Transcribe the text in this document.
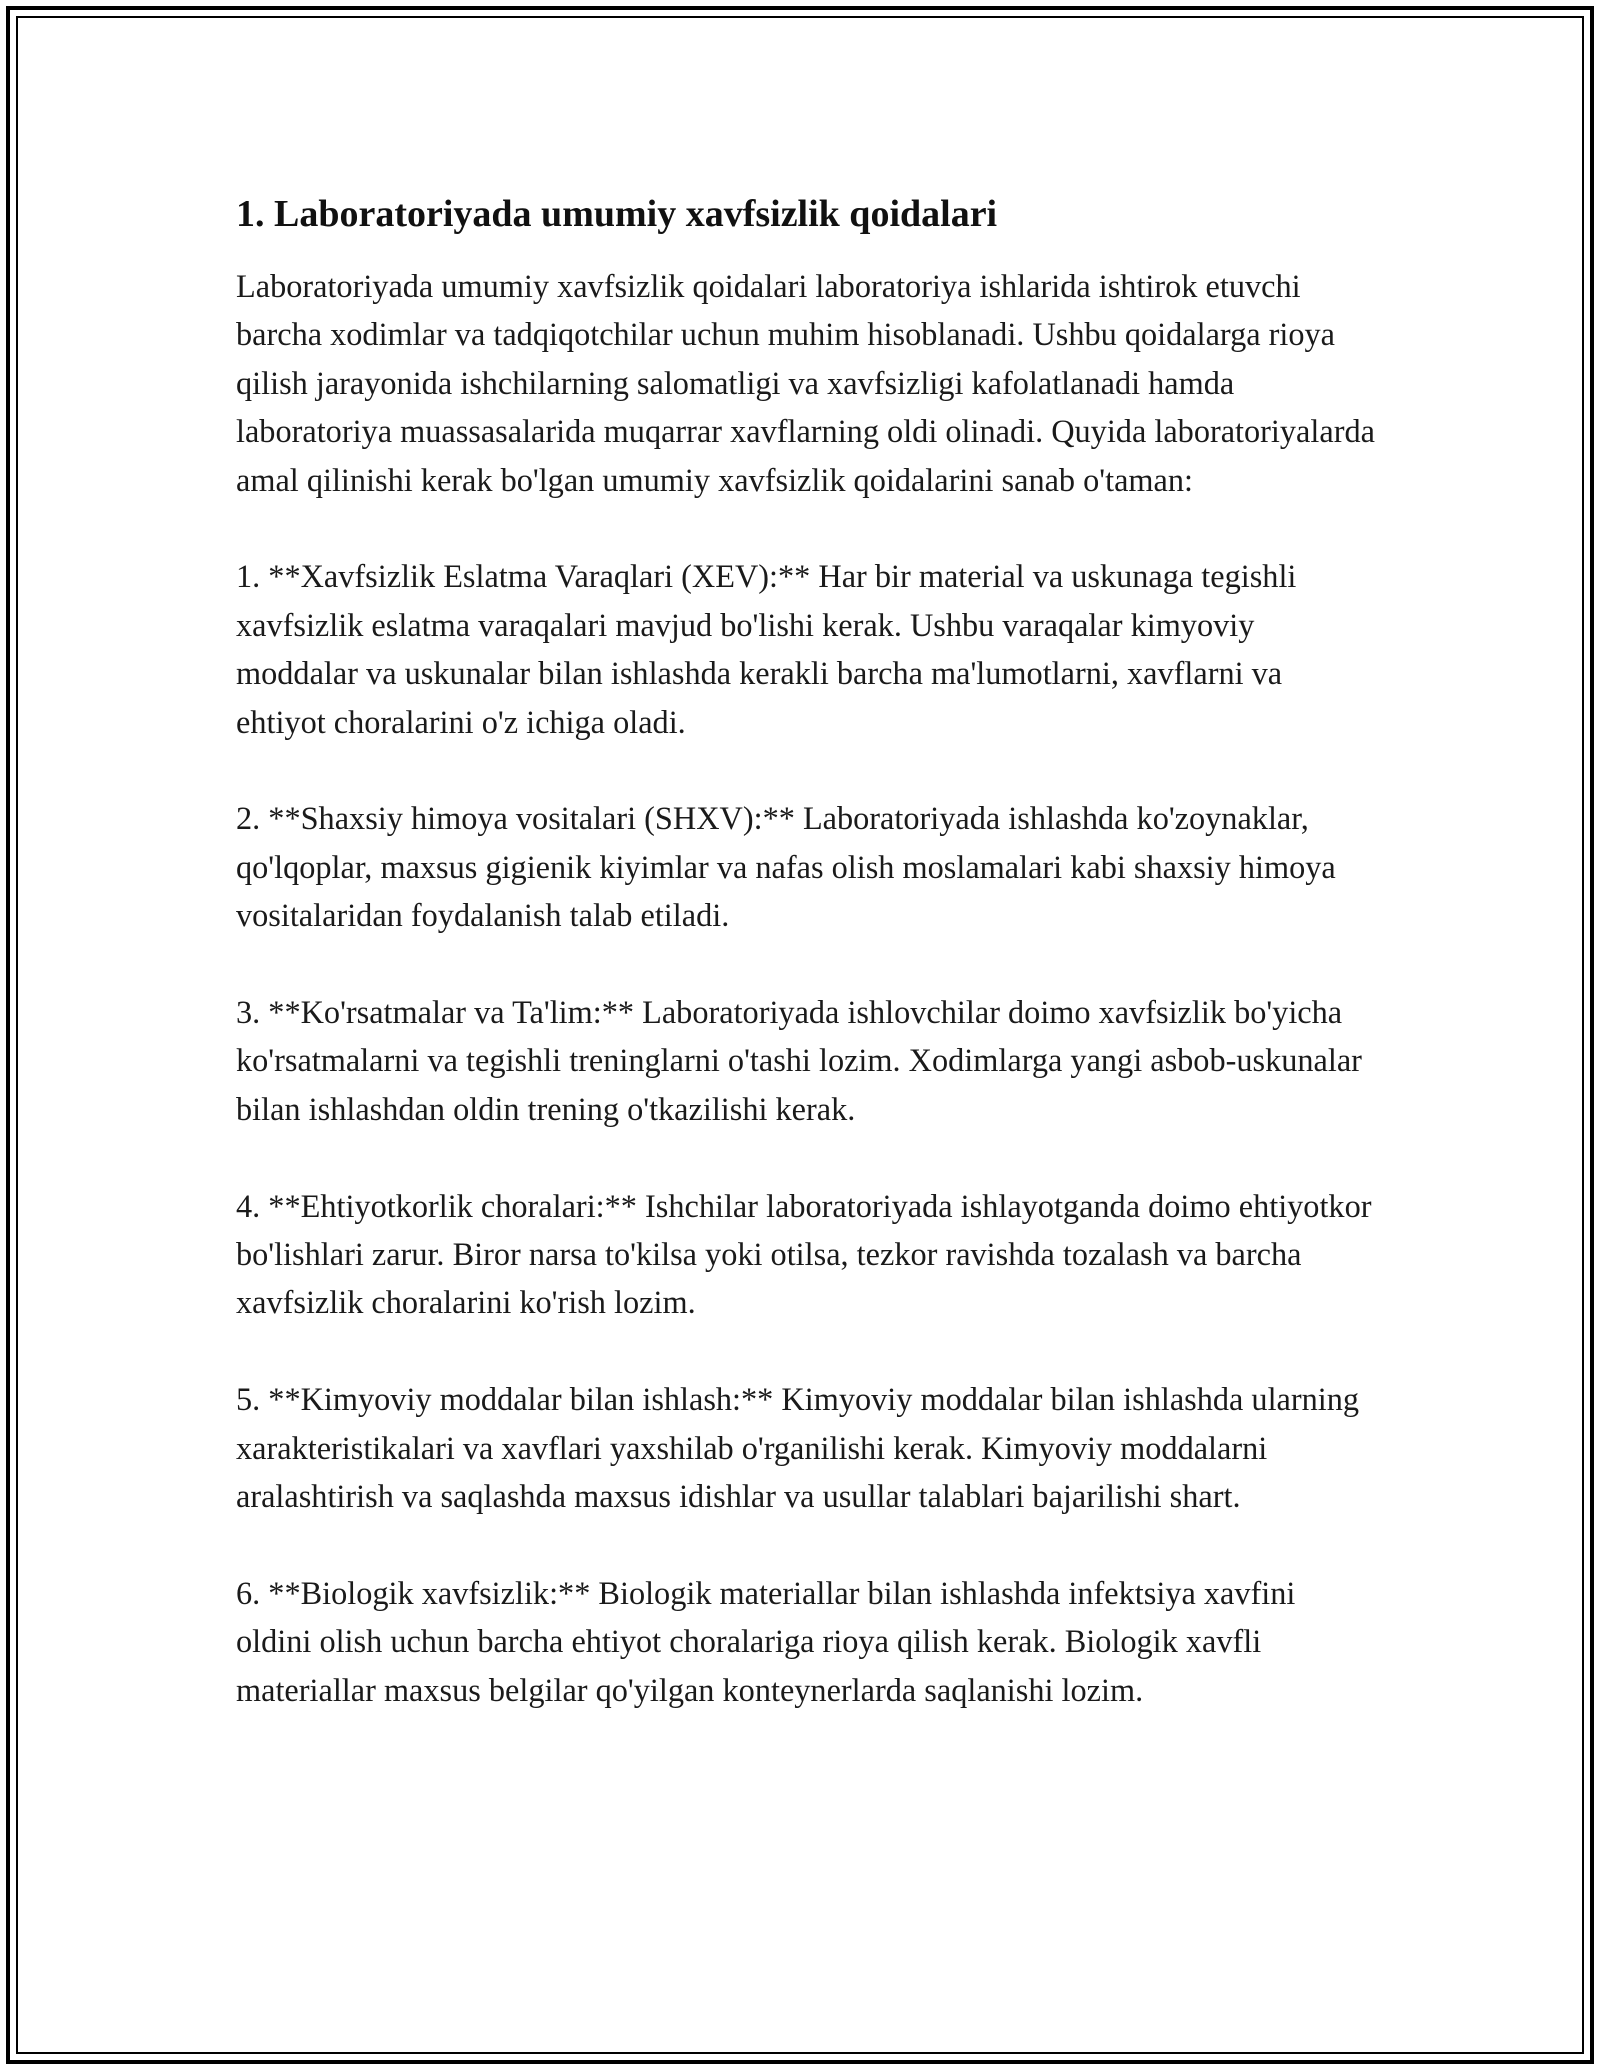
1. Laboratoriyada umumiy xavfsizlik qoidalari

Laboratoriyada umumiy xavfsizlik qoidalari laboratoriya ishlarida ishtirok etuvchi barcha xodimlar va tadqiqotchilar uchun muhim hisoblanadi. Ushbu qoidalarga rioya qilish jarayonida ishchilarning salomatligi va xavfsizligi kafolatlanadi hamda laboratoriya muassasalarida muqarrar xavflarning oldi olinadi. Quyida laboratoriyalarda amal qilinishi kerak bo'lgan umumiy xavfsizlik qoidalarini sanab o'taman:

1. **Xavfsizlik Eslatma Varaqlari (XEV):** Har bir material va uskunaga tegishli xavfsizlik eslatma varaqalari mavjud bo'lishi kerak. Ushbu varaqalar kimyoviy moddalar va uskunalar bilan ishlashda kerakli barcha ma'lumotlarni, xavflarni va ehtiyot choralarini o'z ichiga oladi.

2. **Shaxsiy himoya vositalari (SHXV):** Laboratoriyada ishlashda ko'zoynaklar, qo'lqoplar, maxsus gigienik kiyimlar va nafas olish moslamalari kabi shaxsiy himoya vositalaridan foydalanish talab etiladi.

3. **Ko'rsatmalar va Ta'lim:** Laboratoriyada ishlovchilar doimo xavfsizlik bo'yicha ko'rsatmalarni va tegishli treninglarni o'tashi lozim. Xodimlarga yangi asbob-uskunalar bilan ishlashdan oldin trening o'tkazilishi kerak.

4. **Ehtiyotkorlik choralari:** Ishchilar laboratoriyada ishlayotganda doimo ehtiyotkor bo'lishlari zarur. Biror narsa to'kilsa yoki otilsa, tezkor ravishda tozalash va barcha xavfsizlik choralarini ko'rish lozim.

5. **Kimyoviy moddalar bilan ishlash:** Kimyoviy moddalar bilan ishlashda ularning xarakteristikalari va xavflari yaxshilab o'rganilishi kerak. Kimyoviy moddalarni aralashtirish va saqlashda maxsus idishlar va usullar talablari bajarilishi shart.

6. **Biologik xavfsizlik:** Biologik materiallar bilan ishlashda infektsiya xavfini oldini olish uchun barcha ehtiyot choralariga rioya qilish kerak. Biologik xavfli materiallar maxsus belgilar qo'yilgan konteynerlarda saqlanishi lozim.
